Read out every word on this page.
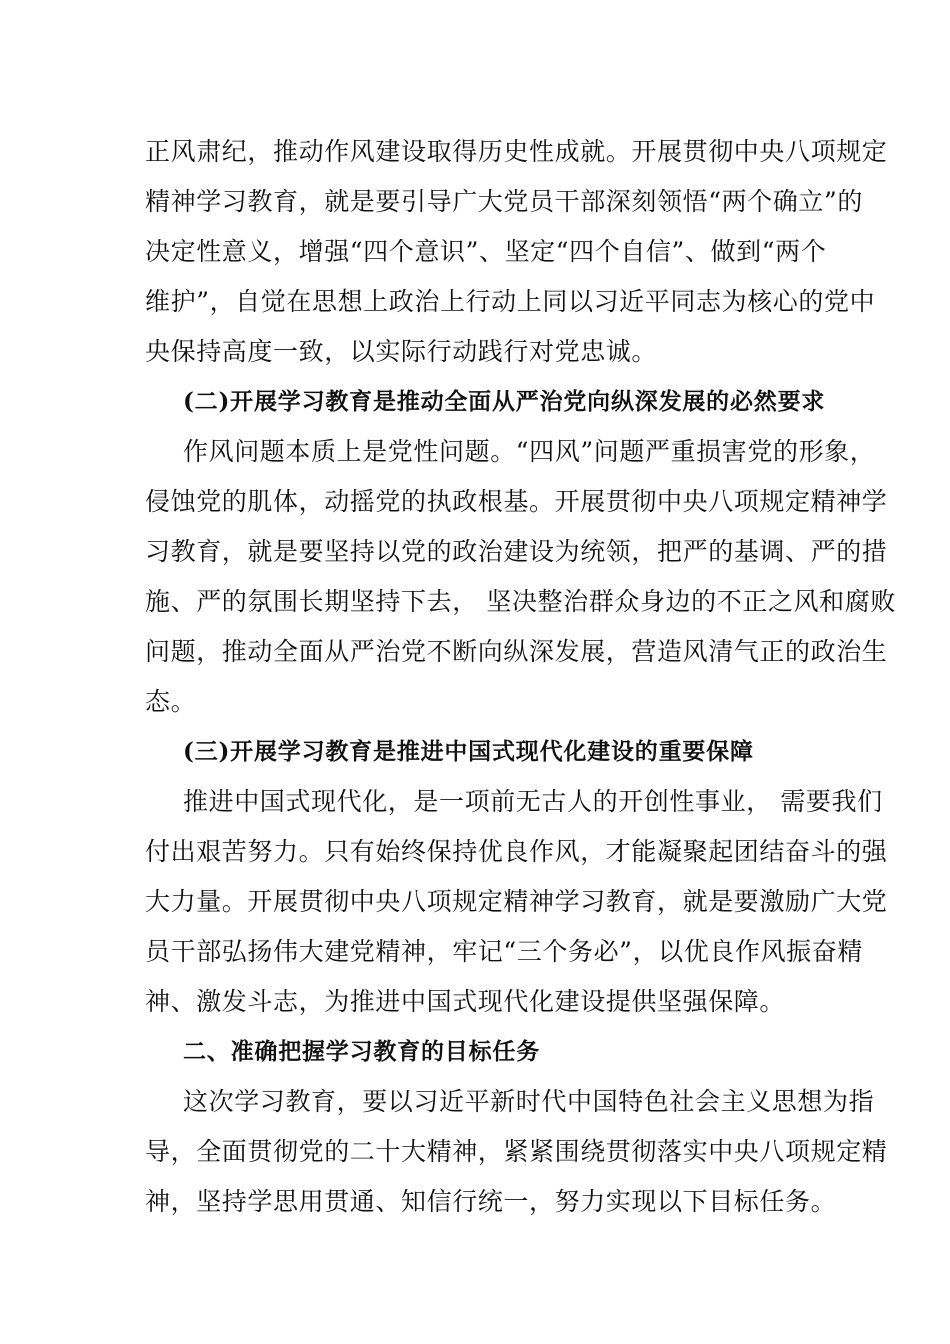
正风肃纪，推动作风建设取得历史性成就。开展贯彻中央八项规定
精神学习教育，就是要引导广大党员干部深刻领悟“两个确立”的
决定性意义，增强“四个意识”、坚定“四个自信”、做到“两个
维护”，自觉在思想上政治上行动上同以习近平同志为核心的党中
央保持高度一致，以实际行动践行对党忠诚。
(二)开展学习教育是推动全面从严治党向纵深发展的必然要求
作风问题本质上是党性问题。“四风”问题严重损害党的形象，
侵蚀党的肌体，动摇党的执政根基。开展贯彻中央八项规定精神学
习教育，就是要坚持以党的政治建设为统领，把严的基调、严的措
施、严的氛围长期坚持下去， 坚决整治群众身边的不正之风和腐败
问题，推动全面从严治党不断向纵深发展，营造风清气正的政治生
态。
(三)开展学习教育是推进中国式现代化建设的重要保障
推进中国式现代化，是一项前无古人的开创性事业， 需要我们
付出艰苦努力。只有始终保持优良作风，才能凝聚起团结奋斗的强
大力量。开展贯彻中央八项规定精神学习教育，就是要激励广大党
员干部弘扬伟大建党精神，牢记“三个务必”，以优良作风振奋精
神、激发斗志，为推进中国式现代化建设提供坚强保障。
二、准确把握学习教育的目标任务
这次学习教育，要以习近平新时代中国特色社会主义思想为指
导，全面贯彻党的二十大精神，紧紧围绕贯彻落实中央八项规定精
神，坚持学思用贯通、知信行统一，努力实现以下目标任务。
